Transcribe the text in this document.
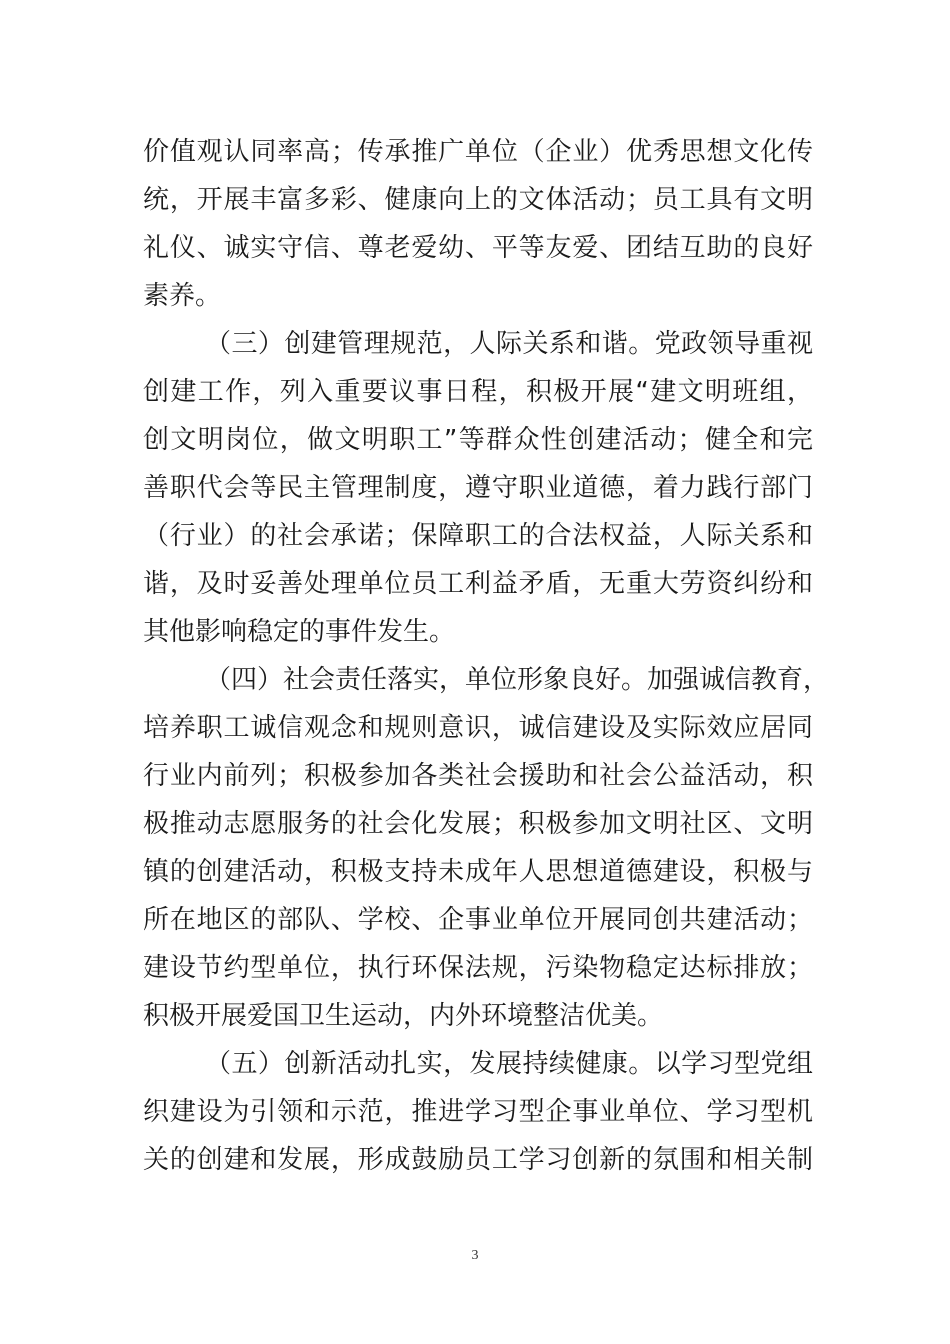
价值观认同率高；传承推广单位（企业）优秀思想文化传
统，开展丰富多彩、健康向上的文体活动；员工具有文明
礼仪、诚实守信、尊老爱幼、平等友爱、团结互助的良好
素养。
（三）创建管理规范，人际关系和谐。党政领导重视
创建工作，列入重要议事日程，积极开展“建文明班组，
创文明岗位，做文明职工”等群众性创建活动；健全和完
善职代会等民主管理制度，遵守职业道德，着力践行部门
（行业）的社会承诺；保障职工的合法权益，人际关系和
谐，及时妥善处理单位员工利益矛盾，无重大劳资纠纷和
其他影响稳定的事件发生。
（四）社会责任落实，单位形象良好。加强诚信教育，
培养职工诚信观念和规则意识，诚信建设及实际效应居同
行业内前列；积极参加各类社会援助和社会公益活动，积
极推动志愿服务的社会化发展；积极参加文明社区、文明
镇的创建活动，积极支持未成年人思想道德建设，积极与
所在地区的部队、学校、企事业单位开展同创共建活动；
建设节约型单位，执行环保法规，污染物稳定达标排放；
积极开展爱国卫生运动，内外环境整洁优美。
（五）创新活动扎实，发展持续健康。以学习型党组
织建设为引领和示范，推进学习型企事业单位、学习型机
关的创建和发展，形成鼓励员工学习创新的氛围和相关制
3
